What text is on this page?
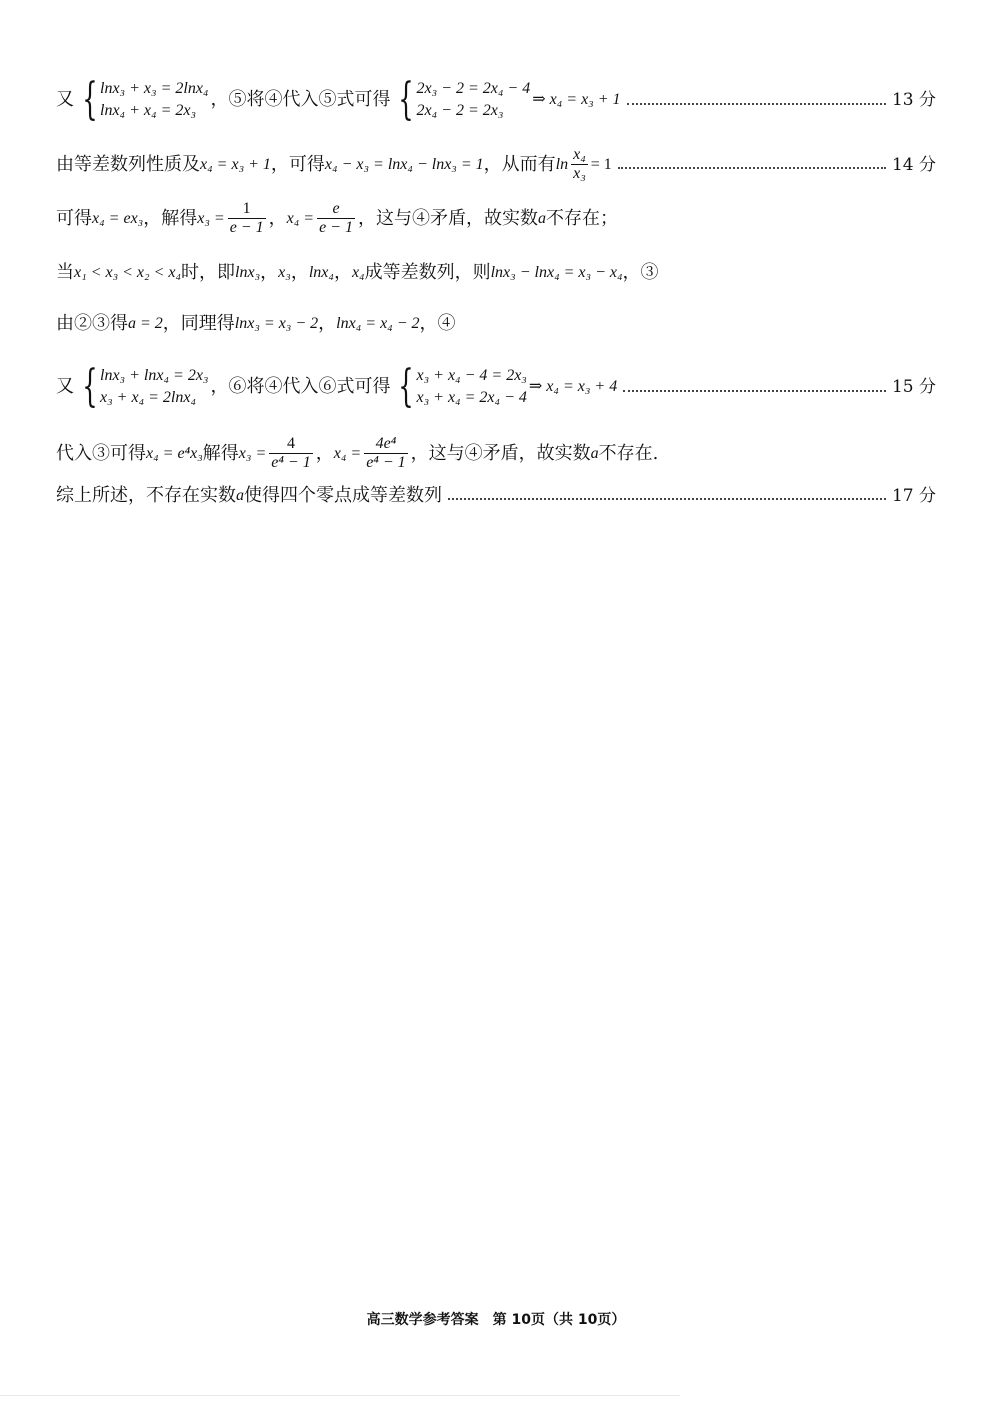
又 { lnx₃ + x₃ = 2lnx₄
lnx₄ + x₄ = 2x₃
，⑤将④代入⑤式可得 { 2x₃ − 2 = 2x₄ − 4
2x₄ − 2 = 2x₃
⇒ x₄ = x₃ + 1	13 分
由等差数列性质及 x₄ = x₃ + 1 ，可得 x₄ − x₃ = lnx₄ − lnx₃ = 1 ，从而有 $\ln \frac{\text{x₄}}{\text{x₃}} = 1$	14 分
可得 x₄ = ex₃ ，解得 $x_3 = \frac{1}{e - 1}$ ， $x_4 = \frac{e}{e - 1}$ ，这与④矛盾，故实数 a 不存在；
当 x₁ < x₃ < x₂ < x₄ 时，即 lnx₃ ， x₃ ， lnx₄ ， x₄ 成等差数列，则 lnx₃ − lnx₄ = x₃ − x₄ ，③
由②③得 a = 2 ，同理得 lnx₃ = x₃ − 2 ， lnx₄ = x₄ − 2 ，④
又 { lnx₃ + lnx₄ = 2x₃
x₃ + x₄ = 2lnx₄
，⑥将④代入⑥式可得 { x₃ + x₄ − 4 = 2x₃
x₃ + x₄ = 2x₄ − 4
⇒ x₄ = x₃ + 4	15 分
代入③可得 x₄ = e⁴x₃ 解得 $x_3 = \frac{4}{\text{e⁴ − 1}}$ ， $x_4 = \frac{\text{4e⁴}}{\text{e⁴ − 1}}$ ，这与④矛盾，故实数 a 不存在.
综上所述，不存在实数 a 使得四个零点成等差数列	17 分
高三数学参考答案　第 10页（共 10页）
